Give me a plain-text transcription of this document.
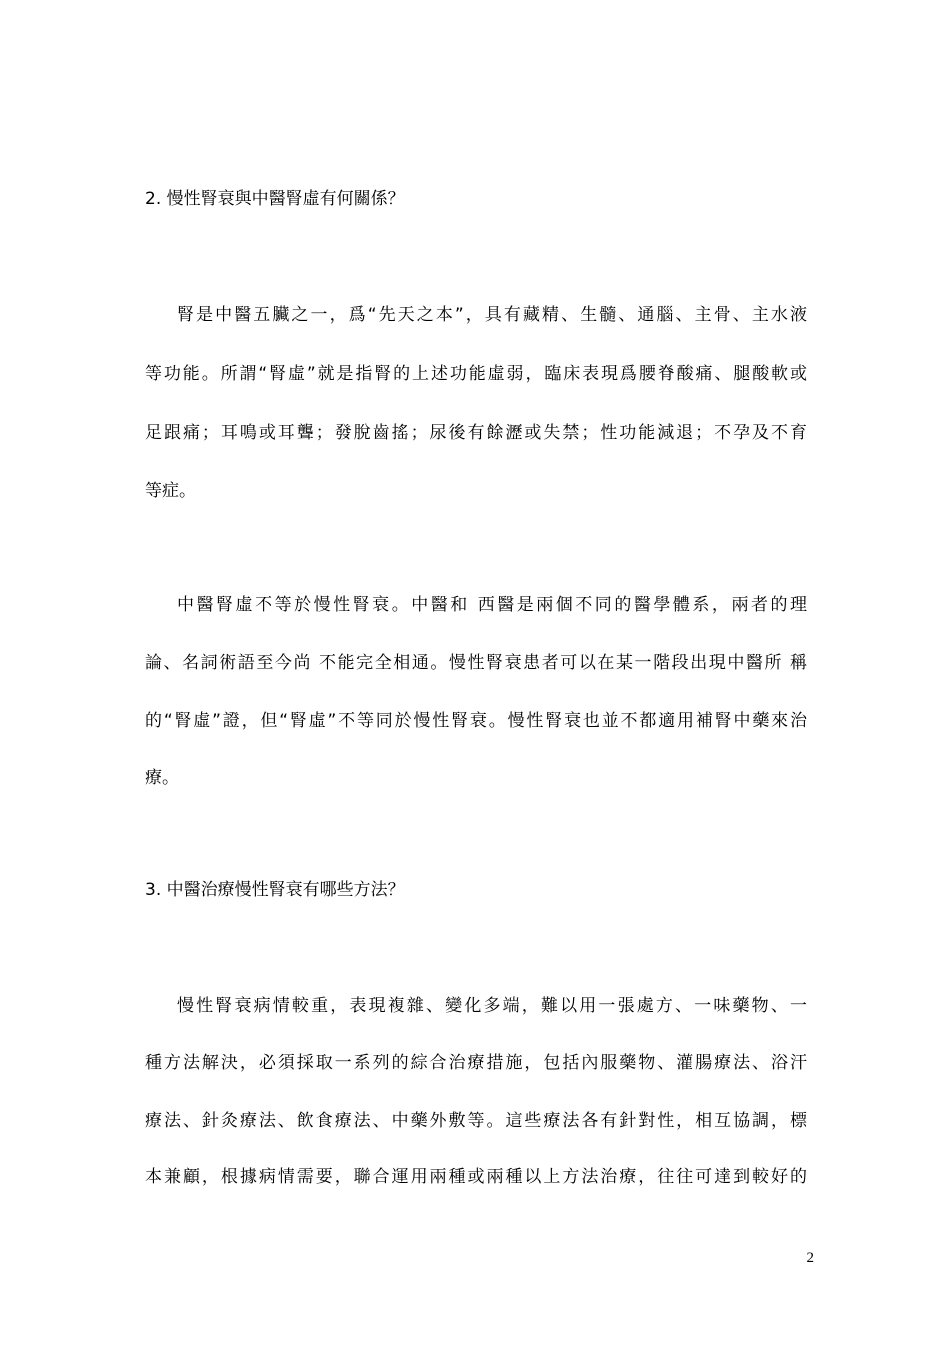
2. 慢性腎衰與中醫腎虛有何關係？
腎是中醫五臟之一，爲“先天之本”，具有藏精、生髓、通腦、主骨、主水液
等功能。所謂“腎虛”就是指腎的上述功能虛弱，臨床表現爲腰脊酸痛、腿酸軟或
足跟痛；耳鳴或耳聾；發脫齒搖；尿後有餘瀝或失禁；性功能減退；不孕及不育
等症。
中醫腎虛不等於慢性腎衰。中醫和 西醫是兩個不同的醫學體系，兩者的理
論、名詞術語至今尚 不能完全相通。慢性腎衰患者可以在某一階段出現中醫所 稱
的“腎虛”證，但“腎虛”不等同於慢性腎衰。慢性腎衰也並不都適用補腎中藥來治
療。
3. 中醫治療慢性腎衰有哪些方法？
慢性腎衰病情較重，表現複雜、變化多端，難以用一張處方、一味藥物、一
種方法解決，必須採取一系列的綜合治療措施，包括內服藥物、灌腸療法、浴汗
療法、針灸療法、飲食療法、中藥外敷等。這些療法各有針對性，相互協調，標
本兼顧，根據病情需要，聯合運用兩種或兩種以上方法治療，往往可達到較好的
2
